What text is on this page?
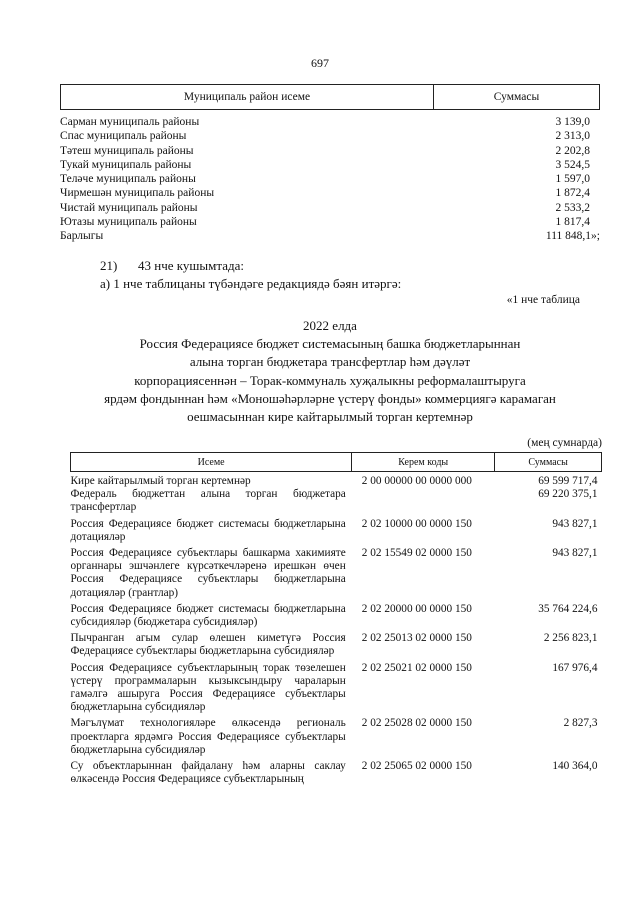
697
Муниципаль район исеме	Суммасы
Сарман муниципаль районы	3 139,0
Спас муниципаль районы	2 313,0
Тәтеш муниципаль районы	2 202,8
Тукай муниципаль районы	3 524,5
Теләче муниципаль районы	1 597,0
Чирмешән муниципаль районы	1 872,4
Чистай муниципаль районы	2 533,2
Ютазы муниципаль районы	1 817,4
Барлыгы	111 848,1»;
21) 43 нче кушымтада:
а) 1 нче таблицаны түбәндәге редакциядә бәян итәргә:
«1 нче таблица
2022 елда
Россия Федерациясе бюджет системасының башка бюджетларыннан
алына торган бюджетара трансфертлар һәм дәүләт
корпорациясеннән – Торак-коммуналь хуҗалыкны реформалаштыруга
ярдәм фондыннан һәм «Моношәһәрләрне үстерү фонды» коммерциягә карамаган
оешмасыннан кире кайтарылмый торган кертемнәр
(мең сумнарда)
Исеме	Керем коды	Суммасы
Кире кайтарылмый торган кертемнәр	2 00 00000 00 0000 000	69 599 717,4
Федераль бюджеттан алына торган бюджетара трансфертлар		69 220 375,1
Россия Федерациясе бюджет системасы бюджетларына дотацияләр	2 02 10000 00 0000 150	943 827,1
Россия Федерациясе субъектлары башкарма хакимияте органнары эшчәнлеге күрсәткечләренә ирешкән өчен Россия Федерациясе субъектлары бюджетларына дотацияләр (грантлар)	2 02 15549 02 0000 150	943 827,1
Россия Федерациясе бюджет системасы бюджетларына субсидияләр (бюджетара субсидияләр)	2 02 20000 00 0000 150	35 764 224,6
Пычранган агым сулар өлешен киметүгә Россия Федерациясе субъектлары бюджетларына субсидияләр	2 02 25013 02 0000 150	2 256 823,1
Россия Федерациясе субъектларының торак төзелешен үстерү программаларын кызыксындыру чараларын гамәлгә ашыруга Россия Федерациясе субъектлары бюджетларына субсидияләр	2 02 25021 02 0000 150	167 976,4
Мәгълүмат технологияләре өлкәсендә региональ проектларга ярдәмгә Россия Федерациясе субъектлары бюджетларына субсидияләр	2 02 25028 02 0000 150	2 827,3
Су объектларыннан файдалану һәм аларны саклау өлкәсендә Россия Федерациясе субъектларының	2 02 25065 02 0000 150	140 364,0
